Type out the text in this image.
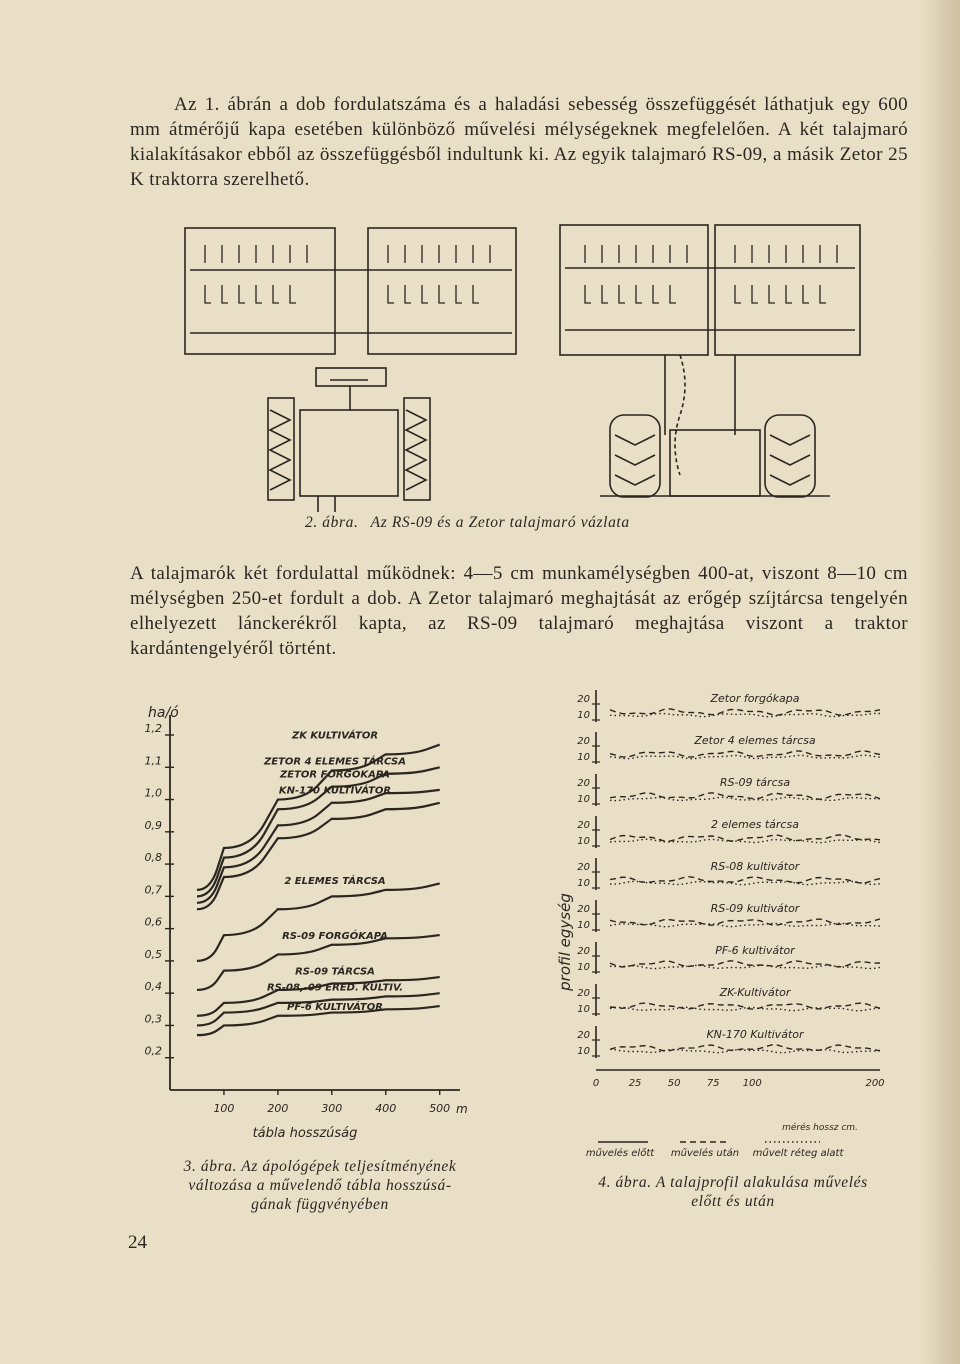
Az 1. ábrán a dob fordulatszáma és a haladási sebesség összefüggését láthatjuk egy 600 mm átmérőjű kapa esetében különböző művelési mélységeknek megfelelően. A két talajmaró kialakításakor ebből az összefüggésből indultunk ki. Az egyik talajmaró RS-09, a másik Zetor 25 K traktorra szerelhető.

2. ábra. Az RS-09 és a Zetor talajmaró vázlata

A talajmarók két fordulattal működnek: 4—5 cm munkamélységben 400-at, viszont 8—10 cm mélységben 250-et fordult a dob. A Zetor talajmaró meghajtását az erőgép szíjtárcsa tengelyén elhelyezett lánckerékről kapta, az RS-09 talajmaró meghajtása viszont a traktor kardántengelyéről történt.

1,2
1,1
1,0
0,9
0,8
0,7
0,6
0,5
0,4
0,3
0,2
100	200	300	400	500
ZK KULTIVÁTOR
ZETOR 4 ELEMES TÁRCSA
ZETOR FORGÓKAPA
KN-170 KULTIVÁTOR
2 ELEMES TÁRCSA
RS-09 FORGÓKAPA
RS-09 TÁRCSA
RS-08,-09 ERED. KULTIV.
PF-6 KULTIVÁTOR
ha/ó
m
tábla hosszúság
3. ábra. Az ápológépek teljesítményének
változása a művelendő tábla hosszúsá-
gának függvényében
20
10
Zetor forgókapa
20
10
Zetor 4 elemes tárcsa
20
10
RS-09 tárcsa
20
10
2 elemes tárcsa
20
10
RS-08 kultivátor
20
10
RS-09 kultivátor
20
10
PF-6 kultivátor
20
10
ZK-Kultivátor
20
10
KN-170 Kultivátor
0	25	50	75 100	200
profil egység
mérés hossz cm.
művelés előtt művelés után művelt réteg alatt
4. ábra. A talajprofil alakulása művelés
előtt és után
24
